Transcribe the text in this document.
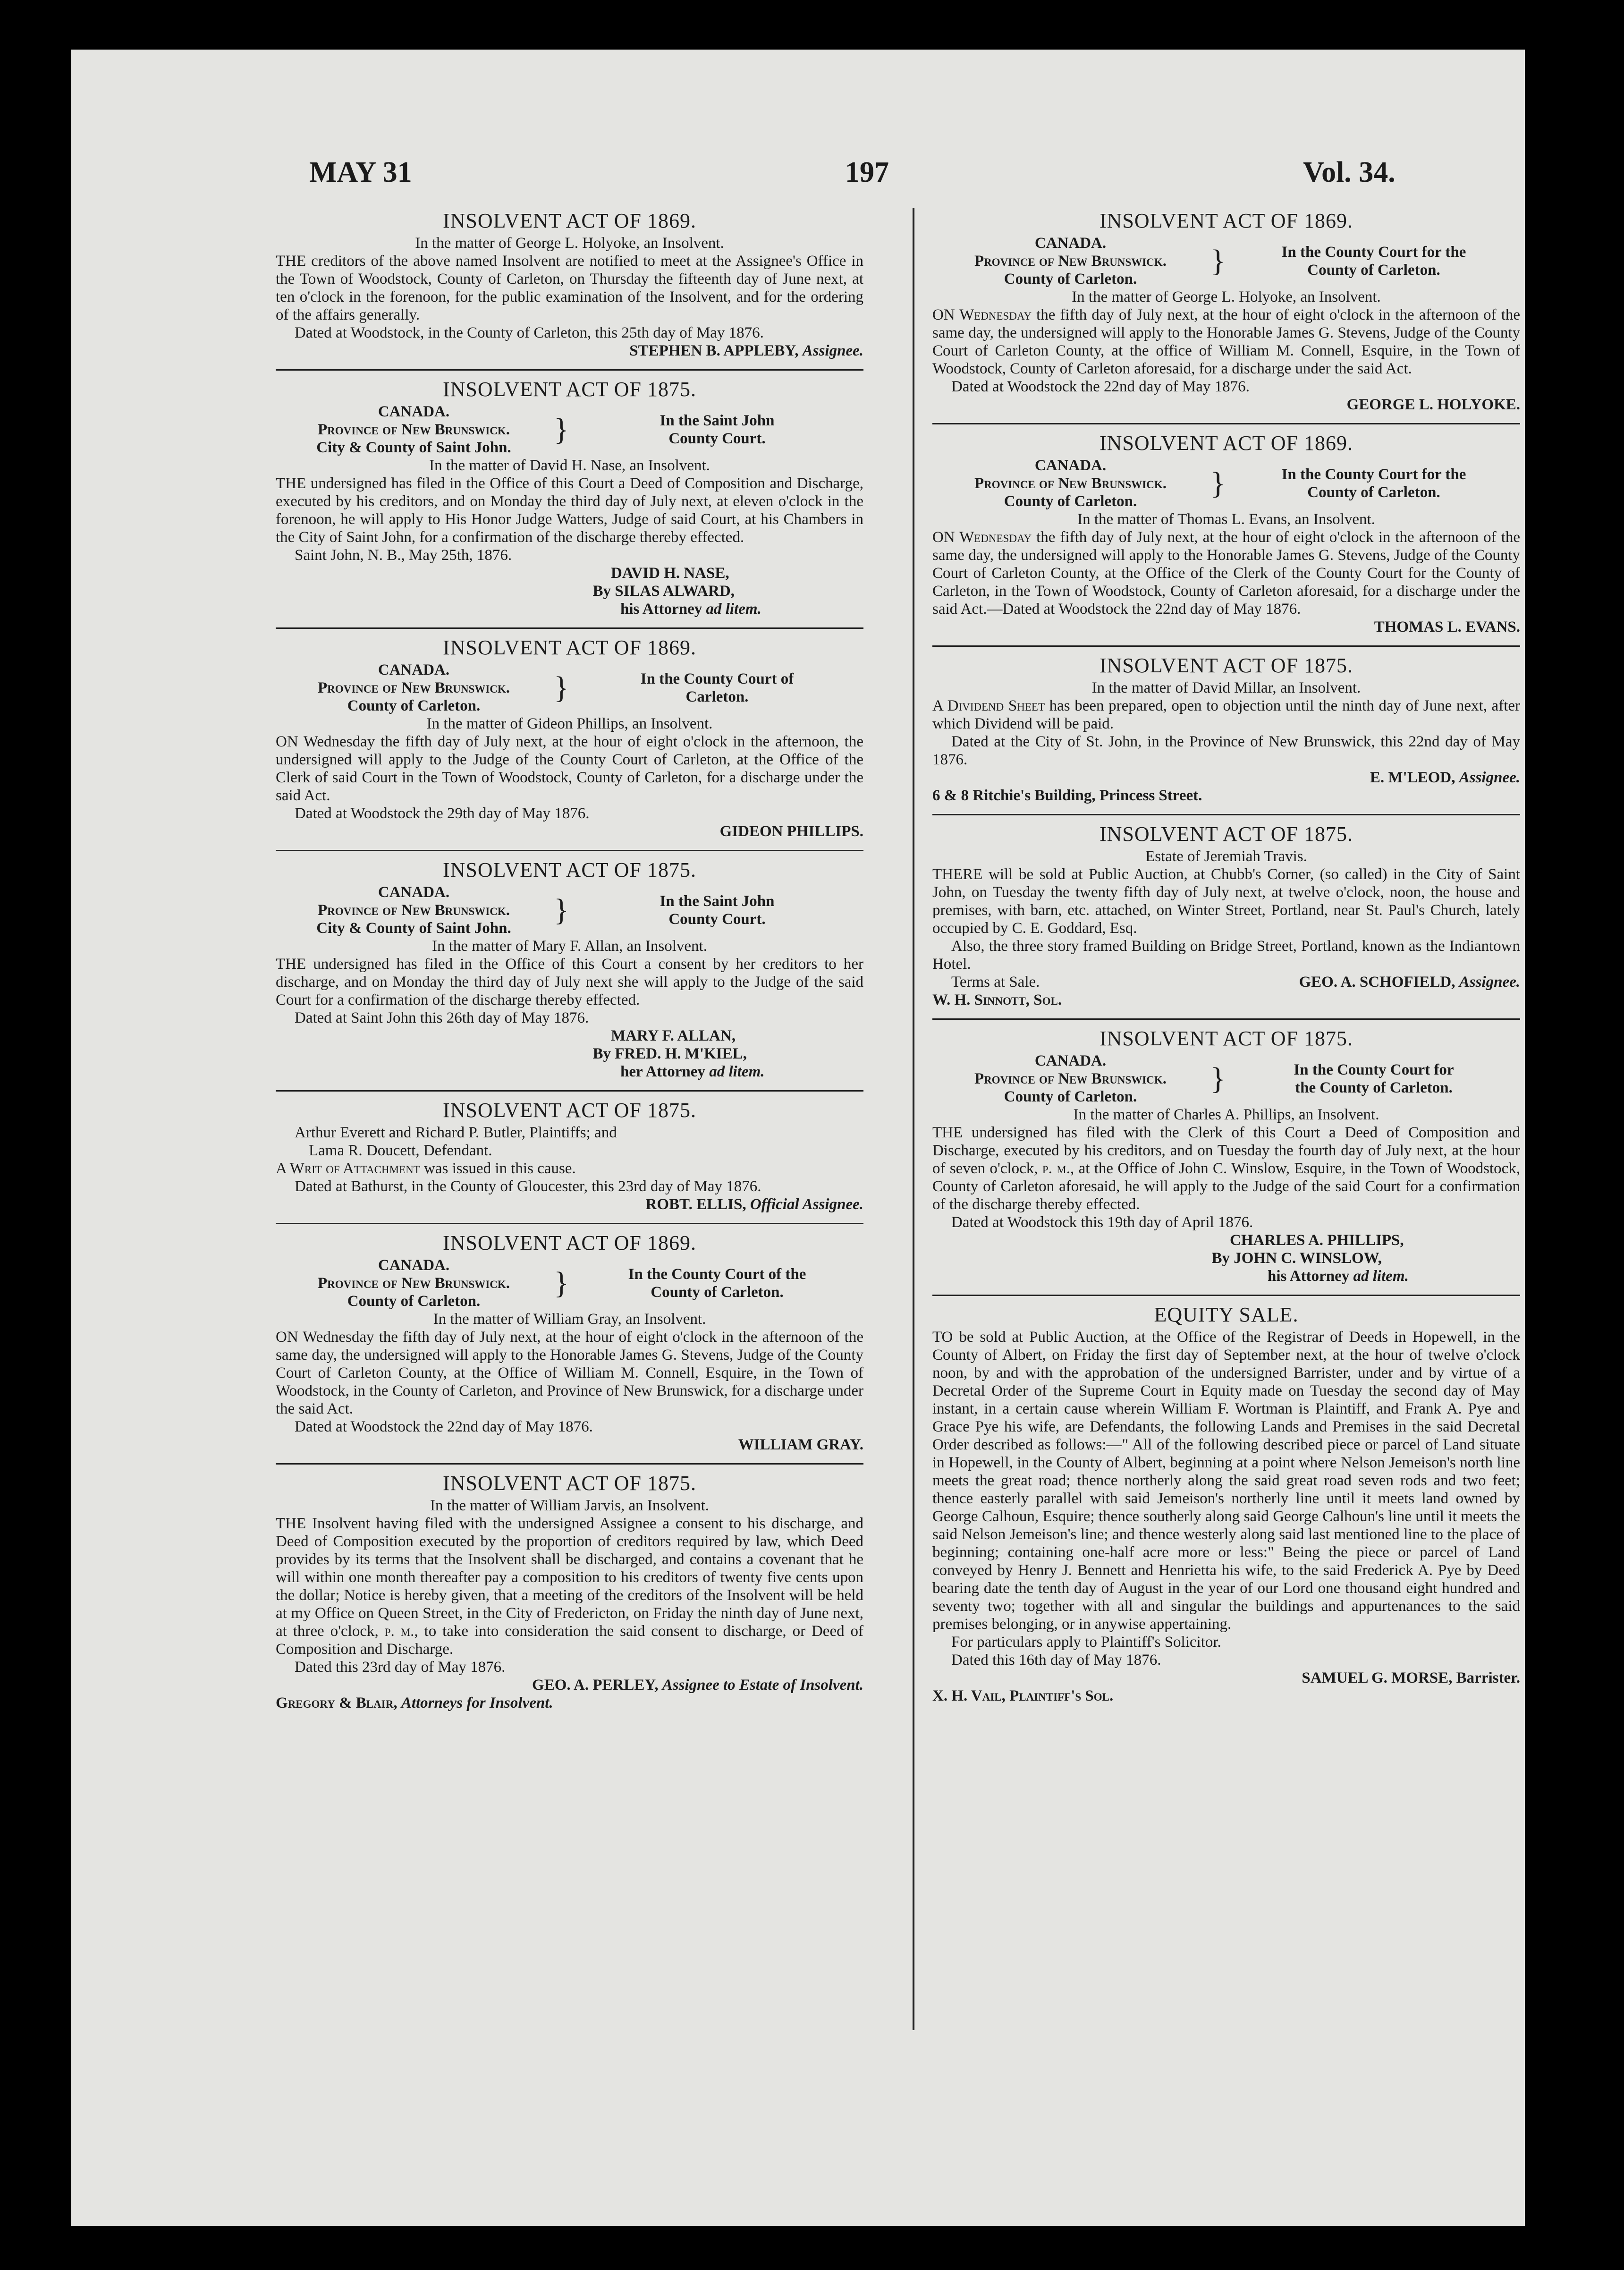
MAY 31	197	Vol. 34.
INSOLVENT ACT OF 1869.
In the matter of George L. Holyoke, an Insolvent.
THE creditors of the above named Insolvent are notified to meet at the Assignee's Office in the Town of Woodstock, County of Carleton, on Thursday the fifteenth day of June next, at ten o'clock in the forenoon, for the public examination of the Insolvent, and for the ordering of the affairs generally.
Dated at Woodstock, in the County of Carleton, this 25th day of May 1876.
STEPHEN B. APPLEBY, Assignee.
INSOLVENT ACT OF 1875.
CANADA.
Province of New Brunswick.
City & County of Saint John.
}	In the Saint John
County Court.
In the matter of David H. Nase, an Insolvent.
THE undersigned has filed in the Office of this Court a Deed of Composition and Discharge, executed by his creditors, and on Monday the third day of July next, at eleven o'clock in the forenoon, he will apply to His Honor Judge Watters, Judge of said Court, at his Chambers in the City of Saint John, for a confirmation of the discharge thereby effected.
Saint John, N. B., May 25th, 1876.
DAVID H. NASE,
By SILAS ALWARD,
his Attorney ad litem.
INSOLVENT ACT OF 1869.
CANADA.
Province of New Brunswick.
County of Carleton.
}	In the County Court of
Carleton.
In the matter of Gideon Phillips, an Insolvent.
ON Wednesday the fifth day of July next, at the hour of eight o'clock in the afternoon, the undersigned will apply to the Judge of the County Court of Carleton, at the Office of the Clerk of said Court in the Town of Woodstock, County of Carleton, for a discharge under the said Act.
Dated at Woodstock the 29th day of May 1876.
GIDEON PHILLIPS.
INSOLVENT ACT OF 1875.
CANADA.
Province of New Brunswick.
City & County of Saint John.
}	In the Saint John
County Court.
In the matter of Mary F. Allan, an Insolvent.
THE undersigned has filed in the Office of this Court a consent by her creditors to her discharge, and on Monday the third day of July next she will apply to the Judge of the said Court for a confirmation of the discharge thereby effected.
Dated at Saint John this 26th day of May 1876.
MARY F. ALLAN,
By FRED. H. M'KIEL,
her Attorney ad litem.
INSOLVENT ACT OF 1875.
Arthur Everett and Richard P. Butler, Plaintiffs; and
Lama R. Doucett, Defendant.
A Writ of Attachment was issued in this cause.
Dated at Bathurst, in the County of Gloucester, this 23rd day of May 1876.
ROBT. ELLIS, Official Assignee.
INSOLVENT ACT OF 1869.
CANADA.
Province of New Brunswick.
County of Carleton.
}	In the County Court of the
County of Carleton.
In the matter of William Gray, an Insolvent.
ON Wednesday the fifth day of July next, at the hour of eight o'clock in the afternoon of the same day, the undersigned will apply to the Honorable James G. Stevens, Judge of the County Court of Carleton County, at the Office of William M. Connell, Esquire, in the Town of Woodstock, in the County of Carleton, and Province of New Brunswick, for a discharge under the said Act.
Dated at Woodstock the 22nd day of May 1876.
WILLIAM GRAY.
INSOLVENT ACT OF 1875.
In the matter of William Jarvis, an Insolvent.
THE Insolvent having filed with the undersigned Assignee a consent to his discharge, and Deed of Composition executed by the proportion of creditors required by law, which Deed provides by its terms that the Insolvent shall be discharged, and contains a covenant that he will within one month thereafter pay a composition to his creditors of twenty five cents upon the dollar; Notice is hereby given, that a meeting of the creditors of the Insolvent will be held at my Office on Queen Street, in the City of Fredericton, on Friday the ninth day of June next, at three o'clock, p. m., to take into consideration the said consent to discharge, or Deed of Composition and Discharge.
Dated this 23rd day of May 1876.
GEO. A. PERLEY, Assignee to Estate of Insolvent.
Gregory & Blair, Attorneys for Insolvent.
INSOLVENT ACT OF 1869.
CANADA.
Province of New Brunswick.
County of Carleton.
}	In the County Court for the
County of Carleton.
In the matter of George L. Holyoke, an Insolvent.
ON Wednesday the fifth day of July next, at the hour of eight o'clock in the afternoon of the same day, the undersigned will apply to the Honorable James G. Stevens, Judge of the County Court of Carleton County, at the office of William M. Connell, Esquire, in the Town of Woodstock, County of Carleton aforesaid, for a discharge under the said Act.
Dated at Woodstock the 22nd day of May 1876.
GEORGE L. HOLYOKE.
INSOLVENT ACT OF 1869.
CANADA.
Province of New Brunswick.
County of Carleton.
}	In the County Court for the
County of Carleton.
In the matter of Thomas L. Evans, an Insolvent.
ON Wednesday the fifth day of July next, at the hour of eight o'clock in the afternoon of the same day, the undersigned will apply to the Honorable James G. Stevens, Judge of the County Court of Carleton County, at the Office of the Clerk of the County Court for the County of Carleton, in the Town of Woodstock, County of Carleton aforesaid, for a discharge under the said Act.—Dated at Woodstock the 22nd day of May 1876.
THOMAS L. EVANS.
INSOLVENT ACT OF 1875.
In the matter of David Millar, an Insolvent.
A Dividend Sheet has been prepared, open to objection until the ninth day of June next, after which Dividend will be paid.
Dated at the City of St. John, in the Province of New Brunswick, this 22nd day of May 1876.
E. M'LEOD, Assignee.
6 & 8 Ritchie's Building, Princess Street.
INSOLVENT ACT OF 1875.
Estate of Jeremiah Travis.
THERE will be sold at Public Auction, at Chubb's Corner, (so called) in the City of Saint John, on Tuesday the twenty fifth day of July next, at twelve o'clock, noon, the house and premises, with barn, etc. attached, on Winter Street, Portland, near St. Paul's Church, lately occupied by C. E. Goddard, Esq.
Also, the three story framed Building on Bridge Street, Portland, known as the Indiantown Hotel.
Terms at Sale.	GEO. A. SCHOFIELD, Assignee.
W. H. Sinnott, Sol.
INSOLVENT ACT OF 1875.
CANADA.
Province of New Brunswick.
County of Carleton.
}	In the County Court for
the County of Carleton.
In the matter of Charles A. Phillips, an Insolvent.
THE undersigned has filed with the Clerk of this Court a Deed of Composition and Discharge, executed by his creditors, and on Tuesday the fourth day of July next, at the hour of seven o'clock, p. m., at the Office of John C. Winslow, Esquire, in the Town of Woodstock, County of Carleton aforesaid, he will apply to the Judge of the said Court for a confirmation of the discharge thereby effected.
Dated at Woodstock this 19th day of April 1876.
CHARLES A. PHILLIPS,
By JOHN C. WINSLOW,
his Attorney ad litem.
EQUITY SALE.
TO be sold at Public Auction, at the Office of the Registrar of Deeds in Hopewell, in the County of Albert, on Friday the first day of September next, at the hour of twelve o'clock noon, by and with the approbation of the undersigned Barrister, under and by virtue of a Decretal Order of the Supreme Court in Equity made on Tuesday the second day of May instant, in a certain cause wherein William F. Wortman is Plaintiff, and Frank A. Pye and Grace Pye his wife, are Defendants, the following Lands and Premises in the said Decretal Order described as follows:—" All of the following described piece or parcel of Land situate in Hopewell, in the County of Albert, beginning at a point where Nelson Jemeison's north line meets the great road; thence northerly along the said great road seven rods and two feet; thence easterly parallel with said Jemeison's northerly line until it meets land owned by George Calhoun, Esquire; thence southerly along said George Calhoun's line until it meets the said Nelson Jemeison's line; and thence westerly along said last mentioned line to the place of beginning; containing one-half acre more or less:" Being the piece or parcel of Land conveyed by Henry J. Bennett and Henrietta his wife, to the said Frederick A. Pye by Deed bearing date the tenth day of August in the year of our Lord one thousand eight hundred and seventy two; together with all and singular the buildings and appurtenances to the said premises belonging, or in anywise appertaining.
For particulars apply to Plaintiff's Solicitor.
Dated this 16th day of May 1876.
SAMUEL G. MORSE, Barrister.
X. H. Vail, Plaintiff's Sol.
